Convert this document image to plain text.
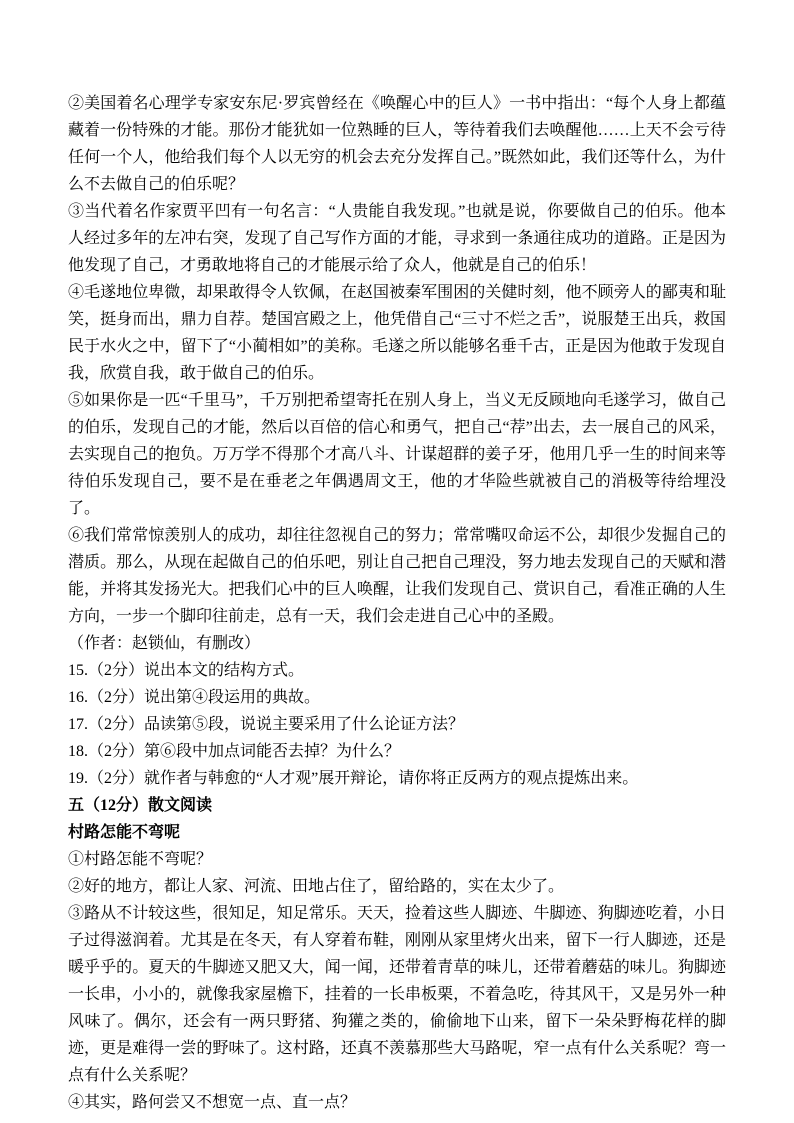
②美国着名心理学专家安东尼·罗宾曾经在《唤醒心中的巨人》一书中指出：“每个人身上都蕴藏着一份特殊的才能。那份才能犹如一位熟睡的巨人，等待着我们去唤醒他……上天不会亏待任何一个人，他给我们每个人以无穷的机会去充分发挥自己。”既然如此，我们还等什么，为什么不去做自己的伯乐呢？

③当代着名作家贾平凹有一句名言：“人贵能自我发现。”也就是说，你要做自己的伯乐。他本人经过多年的左冲右突，发现了自己写作方面的才能，寻求到一条通往成功的道路。正是因为他发现了自己，才勇敢地将自己的才能展示给了众人，他就是自己的伯乐！

④毛遂地位卑微，却果敢得令人钦佩，在赵国被秦军围困的关健时刻，他不顾旁人的鄙夷和耻笑，挺身而出，鼎力自荐。楚国宫殿之上，他凭借自己“三寸不烂之舌”，说服楚王出兵，救国民于水火之中，留下了“小蔺相如”的美称。毛遂之所以能够名垂千古，正是因为他敢于发现自我，欣赏自我，敢于做自己的伯乐。

⑤如果你是一匹“千里马”，千万别把希望寄托在别人身上，当义无反顾地向毛遂学习，做自己的伯乐，发现自己的才能，然后以百倍的信心和勇气，把自己“荐”出去，去一展自己的风采，去实现自己的抱负。万万学不得那个才高八斗、计谋超群的姜子牙，他用几乎一生的时间来等待伯乐发现自己，要不是在垂老之年偶遇周文王，他的才华险些就被自己的消极等待给埋没了。

⑥我们常常惊羡别人的成功，却往往忽视自己的努力；常常嘴叹命运不公，却很少发掘自己的潜质。那么，从现在起做自己的伯乐吧，别让自己把自己理没，努力地去发现自己的天赋和潜能，并将其发扬光大。把我们心中的巨人唤醒，让我们发现自己、赏识自己，看准正确的人生方向，一步一个脚印往前走，总有一天，我们会走进自己心中的圣殿。

（作者：赵锁仙，有删改）

15.（2分）说出本文的结构方式。

16.（2分）说出第④段运用的典故。

17.（2分）品读第⑤段，说说主要采用了什么论证方法？

18.（2分）第⑥段中加点词能否去掉？为什么？

19.（2分）就作者与韩愈的“人才观”展开辩论，请你将正反两方的观点提炼出来。

五（12分）散文阅读

村路怎能不弯呢

①村路怎能不弯呢？

②好的地方，都让人家、河流、田地占住了，留给路的，实在太少了。

③路从不计较这些，很知足，知足常乐。天天，捡着这些人脚迹、牛脚迹、狗脚迹吃着，小日子过得滋润着。尤其是在冬天，有人穿着布鞋，刚刚从家里烤火出来，留下一行人脚迹，还是暖乎乎的。夏天的牛脚迹又肥又大，闻一闻，还带着青草的味儿，还带着蘑菇的味儿。狗脚迹一长串，小小的，就像我家屋檐下，挂着的一长串板栗，不着急吃，待其风干，又是另外一种风味了。偶尔，还会有一两只野猪、狗獾之类的，偷偷地下山来，留下一朵朵野梅花样的脚迹，更是难得一尝的野味了。这村路，还真不羡慕那些大马路呢，窄一点有什么关系呢？弯一点有什么关系呢？

④其实，路何尝又不想宽一点、直一点？
